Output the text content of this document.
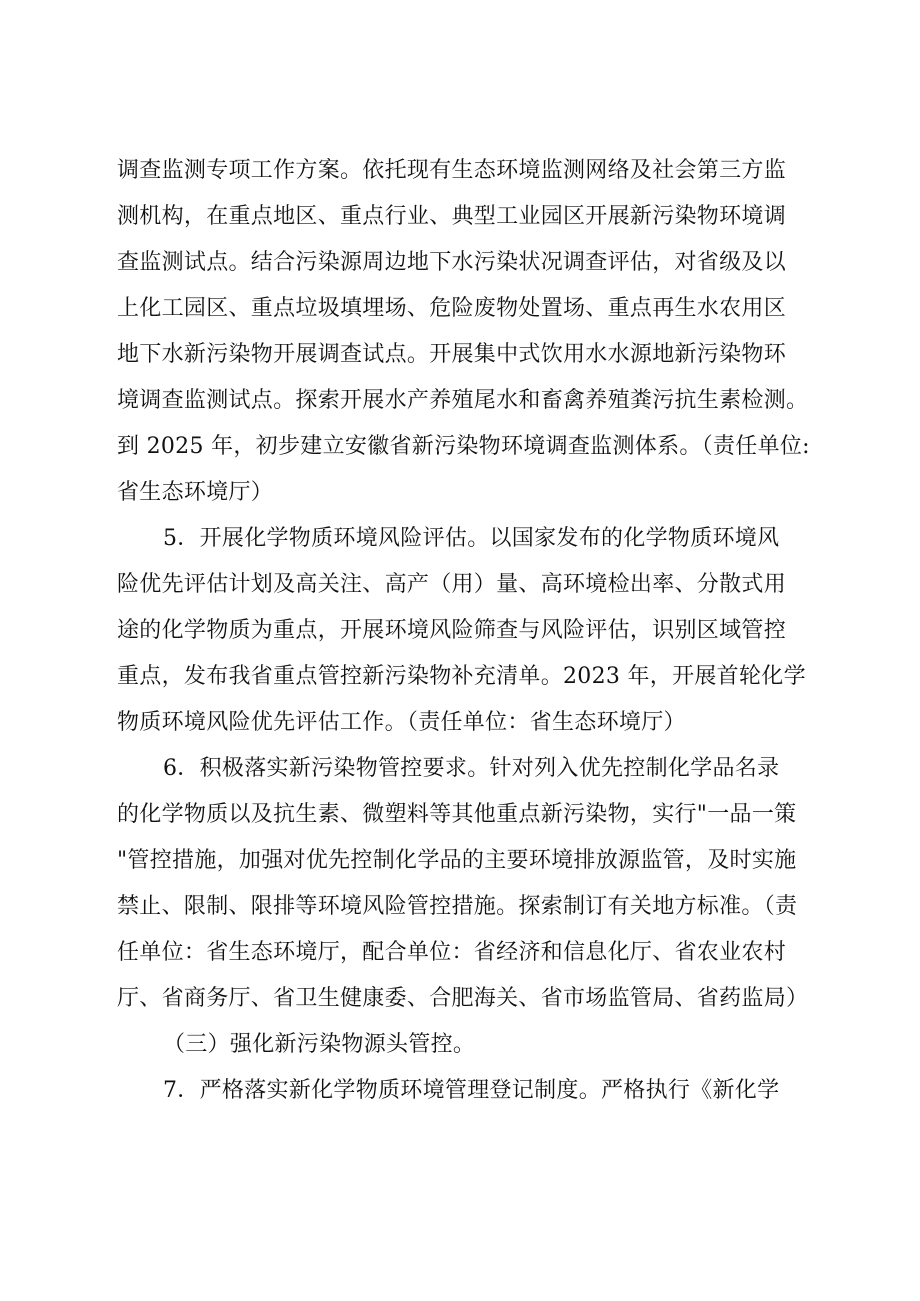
调查监测专项工作方案。依托现有生态环境监测网络及社会第三方监
测机构，在重点地区、重点行业、典型工业园区开展新污染物环境调
查监测试点。结合污染源周边地下水污染状况调查评估，对省级及以
上化工园区、重点垃圾填埋场、危险废物处置场、重点再生水农用区
地下水新污染物开展调查试点。开展集中式饮用水水源地新污染物环
境调查监测试点。探索开展水产养殖尾水和畜禽养殖粪污抗生素检测。
到 2025 年，初步建立安徽省新污染物环境调查监测体系。（责任单位:
省生态环境厅）
5．开展化学物质环境风险评估。以国家发布的化学物质环境风
险优先评估计划及高关注、高产（用）量、高环境检出率、分散式用
途的化学物质为重点，开展环境风险筛查与风险评估，识别区域管控
重点，发布我省重点管控新污染物补充清单。2023 年，开展首轮化学
物质环境风险优先评估工作。（责任单位：省生态环境厅）
6．积极落实新污染物管控要求。针对列入优先控制化学品名录
的化学物质以及抗生素、微塑料等其他重点新污染物，实行"一品一策
"管控措施，加强对优先控制化学品的主要环境排放源监管，及时实施
禁止、限制、限排等环境风险管控措施。探索制订有关地方标准。（责
任单位：省生态环境厅，配合单位：省经济和信息化厅、省农业农村
厅、省商务厅、省卫生健康委、合肥海关、省市场监管局、省药监局）
（三）强化新污染物源头管控。
7．严格落实新化学物质环境管理登记制度。严格执行《新化学
